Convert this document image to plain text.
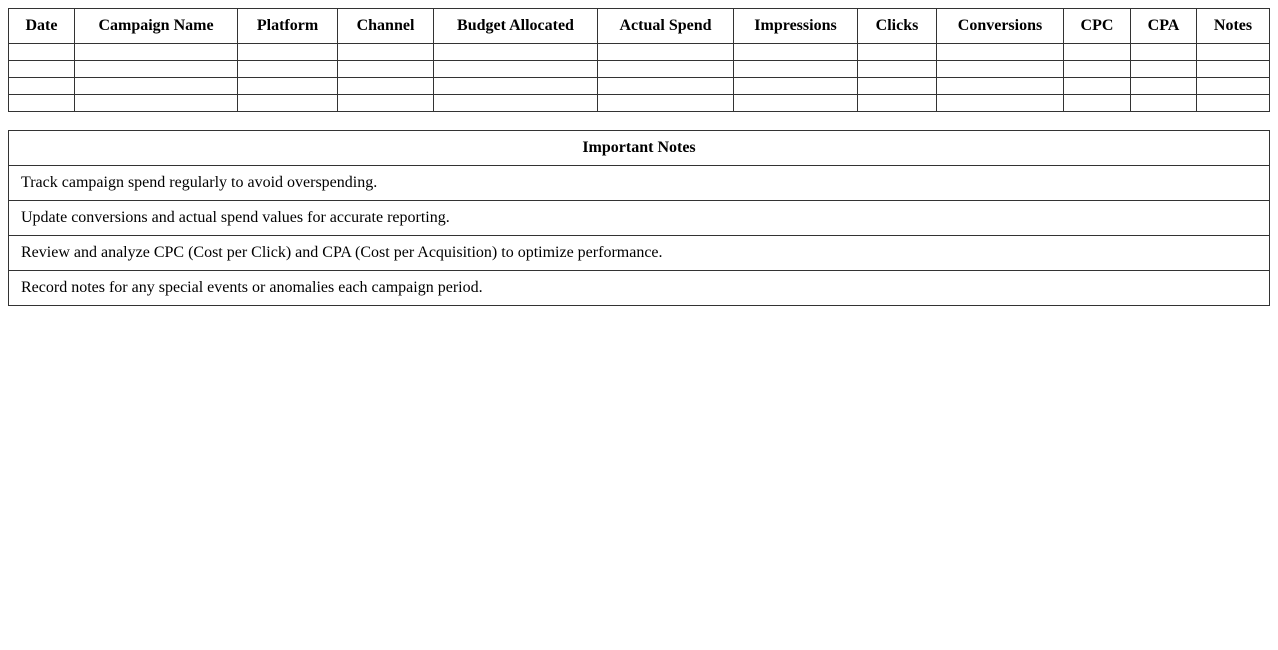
Date	Campaign Name	Platform	Channel	Budget Allocated	Actual Spend	Impressions	Clicks	Conversions	CPC	CPA	Notes

Important Notes
Track campaign spend regularly to avoid overspending.
Update conversions and actual spend values for accurate reporting.
Review and analyze CPC (Cost per Click) and CPA (Cost per Acquisition) to optimize performance.
Record notes for any special events or anomalies each campaign period.
